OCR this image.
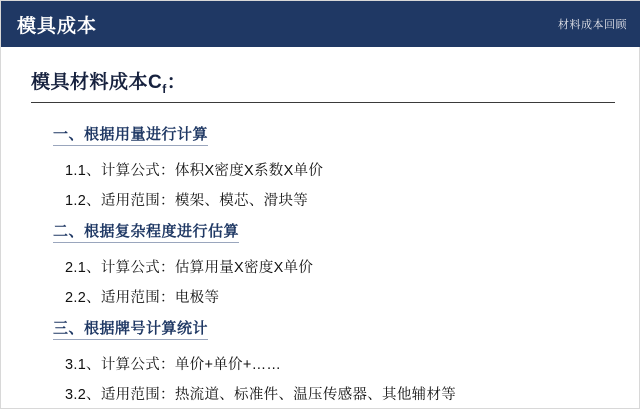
模具成本	材料成本回顾
模具材料成本$C_f$：
一、根据用量进行计算
1.1、计算公式：体积X密度X系数X单价
1.2、适用范围：模架、模芯、滑块等
二、根据复杂程度进行估算
2.1、计算公式：估算用量X密度X单价
2.2、适用范围：电极等
三、根据牌号计算统计
3.1、计算公式：单价+单价+……
3.2、适用范围：热流道、标准件、温压传感器、其他辅材等
